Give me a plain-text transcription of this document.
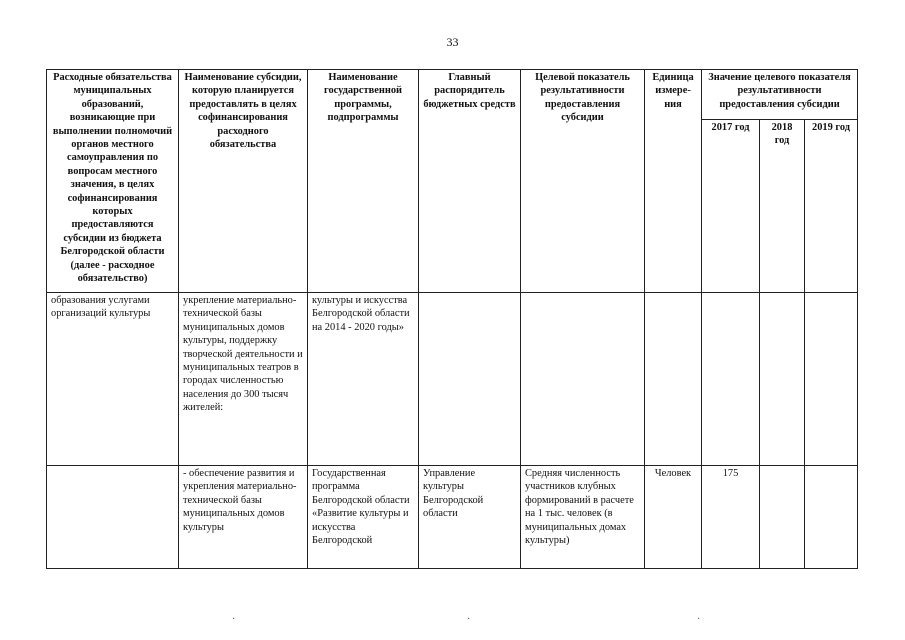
33
Расходные обязательства муниципальных образований, возникающие при выполнении полномочий органов местного самоуправления по вопросам местного значения, в целях софинансирования которых предоставляются субсидии из бюджета Белгородской области (далее - расходное обязательство)	Наименование субсидии, которую планируется предоставлять в целях софинансирования расходного обязательства	Наименование государственной программы, подпрограммы	Главный распорядитель бюджетных средств	Целевой показатель результативности предоставления субсидии	Единица измере-ния	Значение целевого показателя результативности предоставления субсидии		
						2017 год	2018 год	2019 год
образования услугами организаций культуры	укрепление материально-технической базы муниципальных домов культуры, поддержку творческой деятельности и муниципальных театров в городах численностью населения до 300 тысяч жителей:	культуры и искусства Белгородской области на 2014 - 2020 годы»						
	- обеспечение развития и укрепления материально-технической базы муниципальных домов культуры	Государственная программа Белгородской области «Развитие культуры и искусства Белгородской	Управление культуры Белгородской области	Средняя численность участников клубных формирований в расчете на 1 тыс. человек (в муниципальных домах культуры)	Человек	175		
·	·	·
